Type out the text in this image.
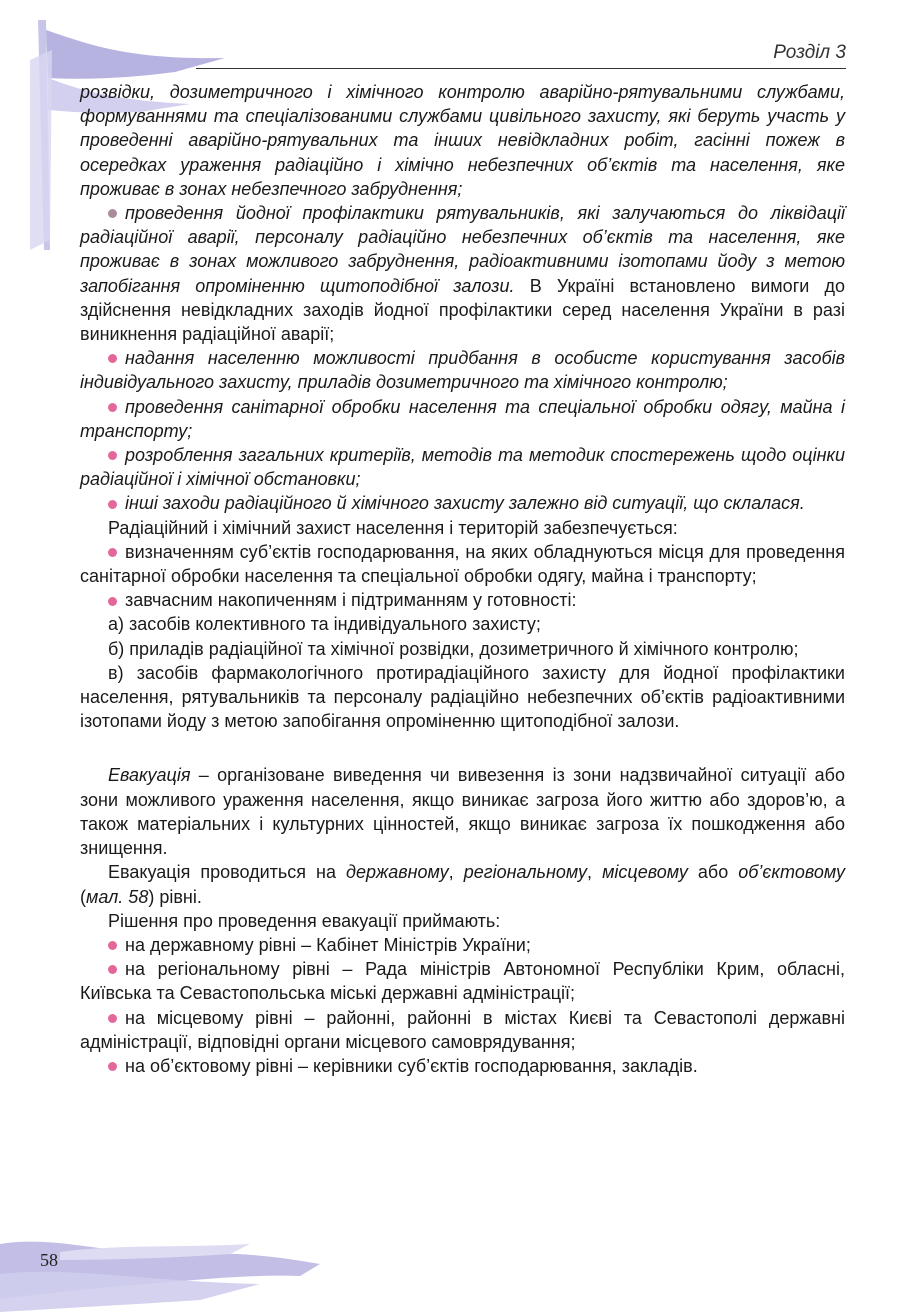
Розділ 3

розвідки, дозиметричного і хімічного контролю аварійно-рятувальними службами, формуваннями та спеціалізованими службами цивільного захисту, які беруть участь у проведенні аварійно-рятувальних та інших невідкладних робіт, гасінні пожеж в осередках ураження радіаційно і хімічно небезпечних об’єктів та населення, яке проживає в зонах небезпечного забруднення;

проведення йодної профілактики рятувальників, які залучаються до ліквідації радіаційної аварії, персоналу радіаційно небезпечних об’єктів та населення, яке проживає в зонах можливого забруднення, радіоактивними ізотопами йоду з метою запобігання опроміненню щитоподібної залози. В Україні встановлено вимоги до здійснення невідкладних заходів йодної профілактики серед населення України в разі виникнення радіаційної аварії;

надання населенню можливості придбання в особисте користування засобів індивідуального захисту, приладів дозиметричного та хімічного контролю;

проведення санітарної обробки населення та спеціальної обробки одягу, майна і транспорту;

розроблення загальних критеріїв, методів та методик спостережень щодо оцінки радіаційної і хімічної обстановки;

інші заходи радіаційного й хімічного захисту залежно від ситуації, що склалася.

Радіаційний і хімічний захист населення і територій забезпечується:

визначенням суб’єктів господарювання, на яких обладнуються місця для проведення санітарної обробки населення та спеціальної обробки одягу, майна і транспорту;

завчасним накопиченням і підтриманням у готовності:

а) засобів колективного та індивідуального захисту;

б) приладів радіаційної та хімічної розвідки, дозиметричного й хімічного контролю;

в) засобів фармакологічного протирадіаційного захисту для йодної профілактики населення, рятувальників та персоналу радіаційно небезпечних об’єктів радіоактивними ізотопами йоду з метою запобігання опроміненню щитоподібної залози.

Евакуація – організоване виведення чи вивезення із зони надзвичайної ситуації або зони можливого ураження населення, якщо виникає загроза його життю або здоров’ю, а також матеріальних і культурних цінностей, якщо виникає загроза їх пошкодження або знищення.

Евакуація проводиться на державному, регіональному, місцевому або об’єктовому (мал. 58) рівні.

Рішення про проведення евакуації приймають:

на державному рівні – Кабінет Міністрів України;

на регіональному рівні – Рада міністрів Автономної Республіки Крим, обласні, Київська та Севастопольська міські державні адміністрації;

на місцевому рівні – районні, районні в містах Києві та Севастополі державні адміністрації, відповідні органи місцевого самоврядування;

на об’єктовому рівні – керівники суб’єктів господарювання, закладів.

58
